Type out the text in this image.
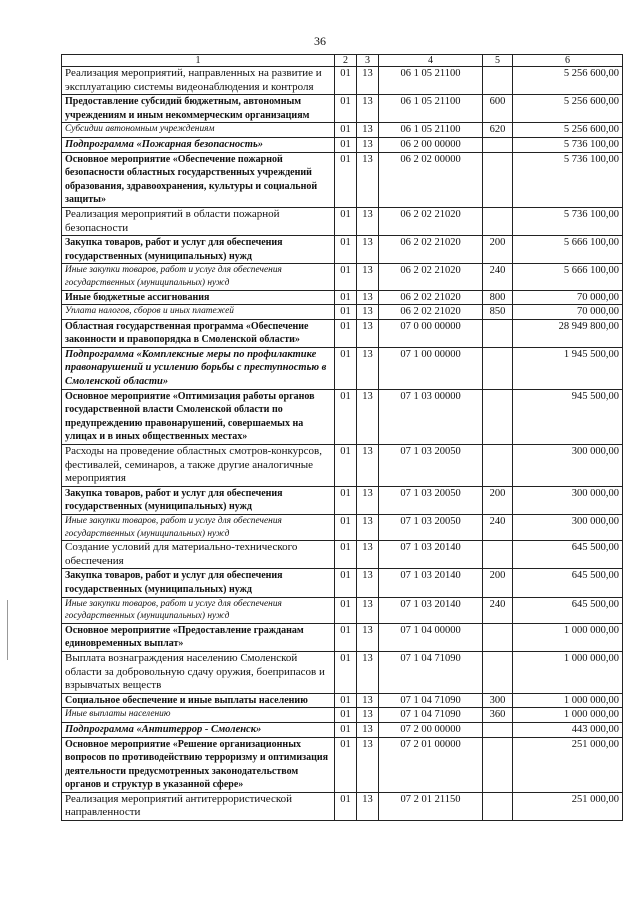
36
1	2	3	4	5	6
Реализация мероприятий, направленных на развитие и эксплуатацию системы видеонаблюдения и контроля	01	13	06 1 05 21100		5 256 600,00
Предоставление субсидий бюджетным, автономным учреждениям и иным некоммерческим организациям	01	13	06 1 05 21100	600	5 256 600,00
Субсидии автономным учреждениям	01	13	06 1 05 21100	620	5 256 600,00
Подпрограмма «Пожарная безопасность»	01	13	06 2 00 00000		5 736 100,00
Основное мероприятие «Обеспечение пожарной безопасности областных государственных учреждений образования, здравоохранения, культуры и социальной защиты»	01	13	06 2 02 00000		5 736 100,00
Реализация мероприятий в области пожарной безопасности	01	13	06 2 02 21020		5 736 100,00
Закупка товаров, работ и услуг для обеспечения государственных (муниципальных) нужд	01	13	06 2 02 21020	200	5 666 100,00
Иные закупки товаров, работ и услуг для обеспечения государственных (муниципальных) нужд	01	13	06 2 02 21020	240	5 666 100,00
Иные бюджетные ассигнования	01	13	06 2 02 21020	800	70 000,00
Уплата налогов, сборов и иных платежей	01	13	06 2 02 21020	850	70 000,00
Областная государственная программа «Обеспечение законности и правопорядка в Смоленской области»	01	13	07 0 00 00000		28 949 800,00
Подпрограмма «Комплексные меры по профилактике правонарушений и усилению борьбы с преступностью в Смоленской области»	01	13	07 1 00 00000		1 945 500,00
Основное мероприятие «Оптимизация работы органов государственной власти Смоленской области по предупреждению правонарушений, совершаемых на улицах и в иных общественных местах»	01	13	07 1 03 00000		945 500,00
Расходы на проведение областных смотров-конкурсов, фестивалей, семинаров, а также другие аналогичные мероприятия	01	13	07 1 03 20050		300 000,00
Закупка товаров, работ и услуг для обеспечения государственных (муниципальных) нужд	01	13	07 1 03 20050	200	300 000,00
Иные закупки товаров, работ и услуг для обеспечения государственных (муниципальных) нужд	01	13	07 1 03 20050	240	300 000,00
Создание условий для материально-технического обеспечения	01	13	07 1 03 20140		645 500,00
Закупка товаров, работ и услуг для обеспечения государственных (муниципальных) нужд	01	13	07 1 03 20140	200	645 500,00
Иные закупки товаров, работ и услуг для обеспечения государственных (муниципальных) нужд	01	13	07 1 03 20140	240	645 500,00
Основное мероприятие «Предоставление гражданам единовременных выплат»	01	13	07 1 04 00000		1 000 000,00
Выплата вознаграждения населению Смоленской области за добровольную сдачу оружия, боеприпасов и взрывчатых веществ	01	13	07 1 04 71090		1 000 000,00
Социальное обеспечение и иные выплаты населению	01	13	07 1 04 71090	300	1 000 000,00
Иные выплаты населению	01	13	07 1 04 71090	360	1 000 000,00
Подпрограмма «Антитеррор - Смоленск»	01	13	07 2 00 00000		443 000,00
Основное мероприятие «Решение организационных вопросов по противодействию терроризму и оптимизация деятельности предусмотренных законодательством органов и структур в указанной сфере»	01	13	07 2 01 00000		251 000,00
Реализация мероприятий антитеррористической направленности	01	13	07 2 01 21150		251 000,00
